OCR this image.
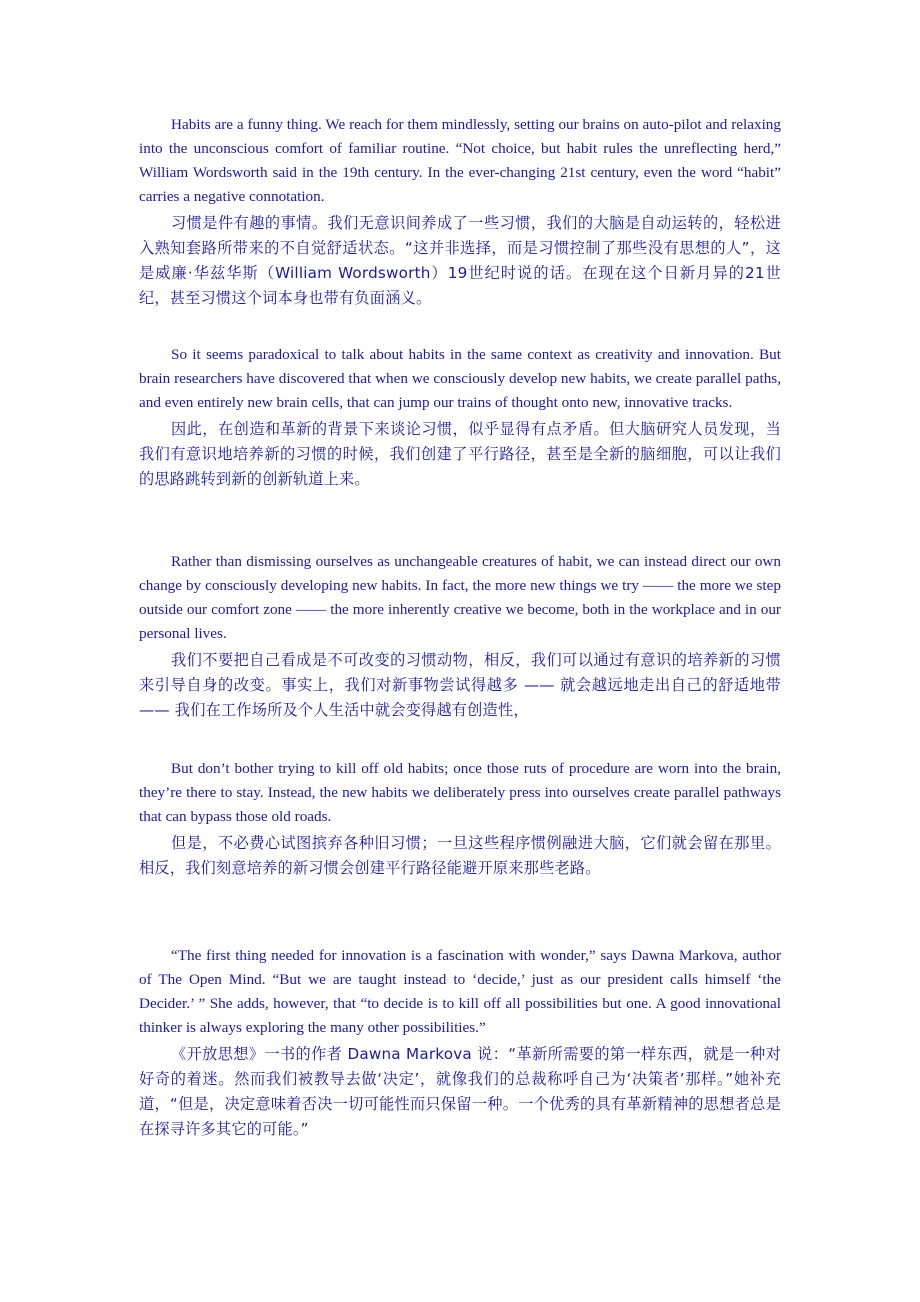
Habits are a funny thing. We reach for them mindlessly, setting our brains on auto-pilot and relaxing into the unconscious comfort of familiar routine. “Not choice, but habit rules the unreflecting herd,” William Wordsworth said in the 19th century. In the ever-changing 21st century, even the word “habit” carries a negative connotation.

习惯是件有趣的事情。我们无意识间养成了一些习惯，我们的大脑是自动运转的，轻松进入熟知套路所带来的不自觉舒适状态。“这并非选择，而是习惯控制了那些没有思想的人”，这是威廉·华兹华斯（William Wordsworth）19世纪时说的话。在现在这个日新月异的21世纪，甚至习惯这个词本身也带有负面涵义。

So it seems paradoxical to talk about habits in the same context as creativity and innovation. But brain researchers have discovered that when we consciously develop new habits, we create parallel paths, and even entirely new brain cells, that can jump our trains of thought onto new, innovative tracks.

因此，在创造和革新的背景下来谈论习惯，似乎显得有点矛盾。但大脑研究人员发现，当我们有意识地培养新的习惯的时候，我们创建了平行路径，甚至是全新的脑细胞，可以让我们的思路跳转到新的创新轨道上来。

Rather than dismissing ourselves as unchangeable creatures of habit, we can instead direct our own change by consciously developing new habits. In fact, the more new things we try —— the more we step outside our comfort zone —— the more inherently creative we become, both in the workplace and in our personal lives.

我们不要把自己看成是不可改变的习惯动物，相反，我们可以通过有意识的培养新的习惯来引导自身的改变。事实上，我们对新事物尝试得越多 —— 就会越远地走出自己的舒适地带 —— 我们在工作场所及个人生活中就会变得越有创造性，

But don’t bother trying to kill off old habits; once those ruts of procedure are worn into the brain, they’re there to stay. Instead, the new habits we deliberately press into ourselves create parallel pathways that can bypass those old roads.

但是，不必费心试图摈弃各种旧习惯；一旦这些程序惯例融进大脑，它们就会留在那里。相反，我们刻意培养的新习惯会创建平行路径能避开原来那些老路。

“The first thing needed for innovation is a fascination with wonder,” says Dawna Markova, author of The Open Mind. “But we are taught instead to ‘decide,’ just as our president calls himself ‘the Decider.’ ” She adds, however, that “to decide is to kill off all possibilities but one. A good innovational thinker is always exploring the many other possibilities.”

《开放思想》一书的作者 Dawna Markova 说：“革新所需要的第一样东西，就是一种对好奇的着迷。然而我们被教导去做‘决定’，就像我们的总裁称呼自己为‘决策者’那样。”她补充道，“但是，决定意味着否决一切可能性而只保留一种。一个优秀的具有革新精神的思想者总是在探寻许多其它的可能。”
